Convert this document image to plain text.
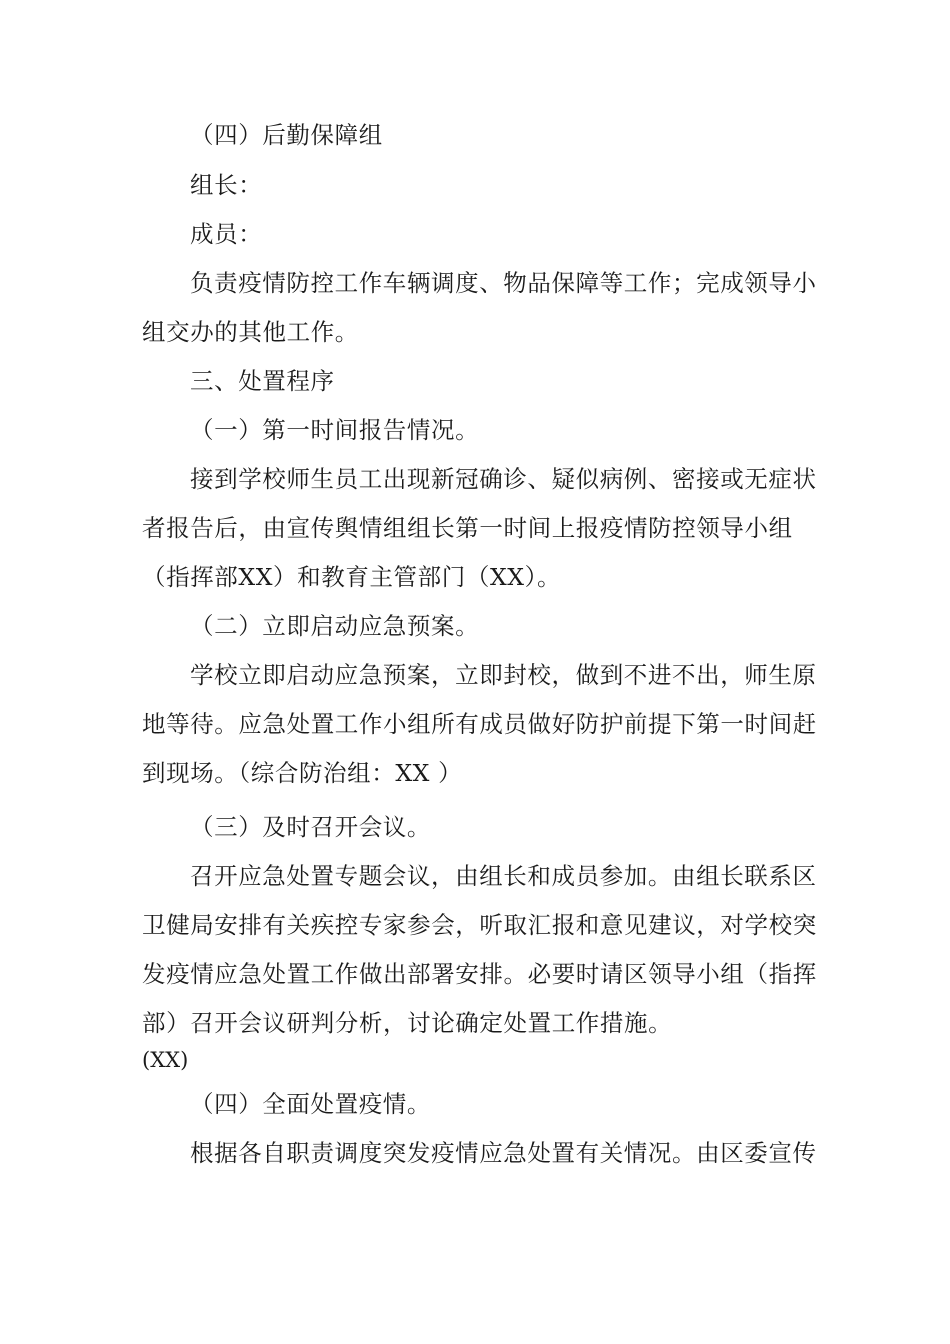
（四）后勤保障组
组长：
成员：
负责疫情防控工作车辆调度、物品保障等工作；完成领导小
组交办的其他工作。
三、处置程序
（一）第一时间报告情况。
接到学校师生员工出现新冠确诊、疑似病例、密接或无症状
者报告后，由宣传舆情组组长第一时间上报疫情防控领导小组
（指挥部XX）和教育主管部门（XX）。
（二）立即启动应急预案。
学校立即启动应急预案，立即封校，做到不进不出，师生原
地等待。应急处置工作小组所有成员做好防护前提下第一时间赶
到现场。（综合防治组：XX ）
（三）及时召开会议。
召开应急处置专题会议，由组长和成员参加。由组长联系区
卫健局安排有关疾控专家参会，听取汇报和意见建议，对学校突
发疫情应急处置工作做出部署安排。必要时请区领导小组（指挥
部）召开会议研判分析，讨论确定处置工作措施。
(XX)
（四）全面处置疫情。
根据各自职责调度突发疫情应急处置有关情况。由区委宣传
